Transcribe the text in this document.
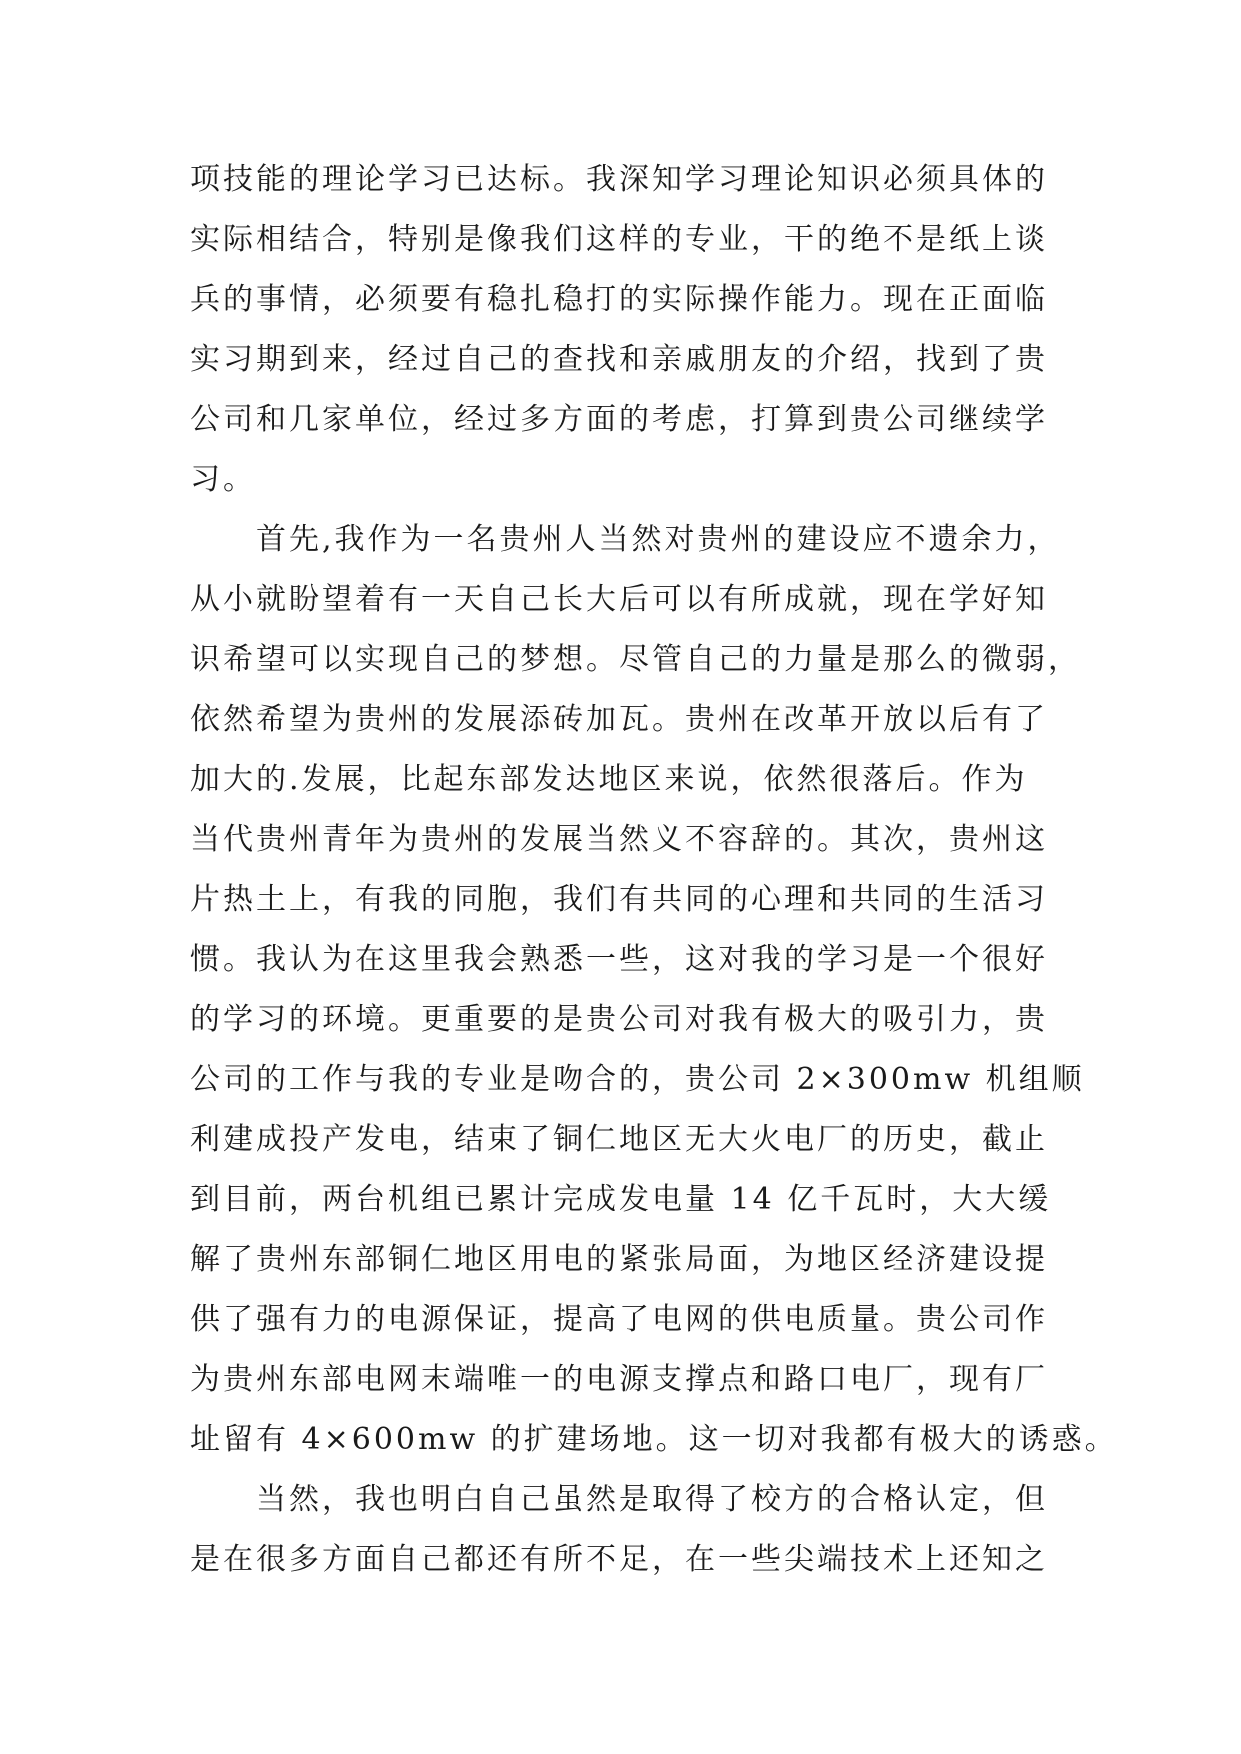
项技能的理论学习已达标。我深知学习理论知识必须具体的
实际相结合，特别是像我们这样的专业，干的绝不是纸上谈
兵的事情，必须要有稳扎稳打的实际操作能力。现在正面临
实习期到来，经过自己的查找和亲戚朋友的介绍，找到了贵
公司和几家单位，经过多方面的考虑，打算到贵公司继续学
习。
首先,我作为一名贵州人当然对贵州的建设应不遗余力，
从小就盼望着有一天自己长大后可以有所成就，现在学好知
识希望可以实现自己的梦想。尽管自己的力量是那么的微弱，
依然希望为贵州的发展添砖加瓦。贵州在改革开放以后有了
加大的.发展，比起东部发达地区来说，依然很落后。作为
当代贵州青年为贵州的发展当然义不容辞的。其次，贵州这
片热土上，有我的同胞，我们有共同的心理和共同的生活习
惯。我认为在这里我会熟悉一些，这对我的学习是一个很好
的学习的环境。更重要的是贵公司对我有极大的吸引力，贵
公司的工作与我的专业是吻合的，贵公司 2×300mw 机组顺
利建成投产发电，结束了铜仁地区无大火电厂的历史，截止
到目前，两台机组已累计完成发电量 14 亿千瓦时，大大缓
解了贵州东部铜仁地区用电的紧张局面，为地区经济建设提
供了强有力的电源保证，提高了电网的供电质量。贵公司作
为贵州东部电网末端唯一的电源支撑点和路口电厂，现有厂
址留有 4×600mw 的扩建场地。这一切对我都有极大的诱惑。
当然，我也明白自己虽然是取得了校方的合格认定，但
是在很多方面自己都还有所不足，在一些尖端技术上还知之
